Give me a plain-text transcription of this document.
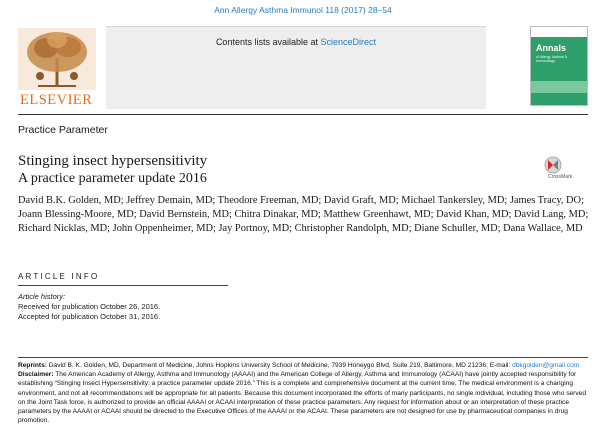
Ann Allergy Asthma Immunol 118 (2017) 28–54
ELSEVIER
Contents lists available at ScienceDirect
Annals
of Allergy, Asthma & Immunology
Practice Parameter
Stinging insect hypersensitivity
A practice parameter update 2016	CrossMark
David B.K. Golden, MD; Jeffrey Demain, MD; Theodore Freeman, MD; David Graft, MD; Michael Tankersley, MD; James Tracy, DO; Joann Blessing-Moore, MD; David Bernstein, MD; Chitra Dinakar, MD; Matthew Greenhawt, MD; David Khan, MD; David Lang, MD; Richard Nicklas, MD; John Oppenheimer, MD; Jay Portnoy, MD; Christopher Randolph, MD; Diane Schuller, MD; Dana Wallace, MD
ARTICLE INFO
Article history:
Received for publication October 26, 2016.
Accepted for publication October 31, 2016.
Reprints: David B. K. Golden, MD, Department of Medicine, Johns Hopkins University School of Medicine, 7939 Honeygo Blvd, Suite 219, Baltimore, MD 21236; E-mail: dbkgolden@gmail.com
Disclaimer: The American Academy of Allergy, Asthma and Immunology (AAAAI) and the American College of Allergy, Asthma and Immunology (ACAAI) have jointly accepted responsibility for establishing “Stinging Insect Hypersensitivity: a practice parameter update 2016.” This is a complete and comprehensive document at the current time. The medical environment is a changing environment, and not all recommendations will be appropriate for all patients. Because this document incorporated the efforts of many participants, no single individual, including those who served on the Joint Task force, is authorized to provide an official AAAAI or ACAAI interpretation of these practice parameters. Any request for information about or an interpretation of these practice parameters by the AAAAI or ACAAI should be directed to the Executive Offices of the AAAAI or the ACAAI. These parameters are not designed for use by pharmaceutical companies in drug promotion.
